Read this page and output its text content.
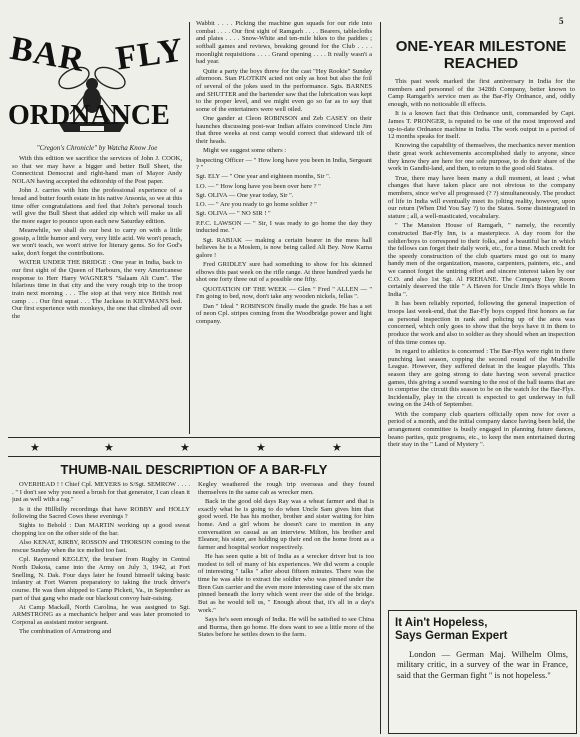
5
BAR FLY
ORDNANCE
"Cregon's Chronicle" by Watcha Know Joe

With this edition we sacrifice the services of John J. COOK, so that we may have a bigger and better Bull Sheet, the Connecticut Democrat and right-hand man of Mayor Andy NOLAN having accepted the editorship of the Post paper.

John J. carries with him the professional experience of a bread and butter fourth estate in his native Ansonia, so we at this time offer congratulations and feel that John's personal touch will give the Bull Sheet that added zip which will make us all the more eager to pounce upon each new Saturday edition.

Meanwhile, we shall do our best to carry on with a little gossip, a little humor and very, very little acid. We won't preach, we won't teach, we won't strive for literary gems. So for God's sake, don't forget the contributions.

WATER UNDER THE BRIDGE : One year in India, back to our first sight of the Queen of Harbours, the very Americanese response to Herr Harry WAGNER'S "Salaam Ali Cum". The hilarious time in that city and the very rough trip to the troop train next morning . . . The stop at that very nice British rest camp . . . Our first squat . . . The Jackass in KIEVMAN'S bed. Our first experience with monkeys, the one that climbed all over the

Wabbit . . . . Picking the machine gun squads for our ride into combat . . . . Our first sight of Ramgarh . . . . Bearers, tablecloths and plates . . . . Snow-White and ten-mile hikes to the paddies ; softball games and reviews, breaking ground for the Club . . . . moonlight requisitions . . . . Grand opening . . . . It really wasn't a bad year.

Quite a party the boys threw for the cast "Hey Rookie" Sunday afternoon. Stan PLOTKIN acted not only as host but also the foil of several of the jokes used in the performance. Sgts. BARNES and SHUTTER and the bartender saw that the lubrication was kept to the proper level, and we might even go so far as to say that some of the entertainers were well oiled.

One gander at Cleon ROBINSON and Zeb CASEY on their haunches discussing post-war Indian affairs convinced Uncle Jim that three weeks at rest camp would correct that sideward tilt of their heads.

Might we suggest some others :

Inspecting Officer — " How long have you been in India, Sergeant ? "

Sgt. ELY — " One year and eighteen months, Sir ".

I.O. — " How long have you been over here ? "

Sgt. OLIVA — One year today, Sir ".

I.O. — " Are you ready to go home soldier ? "

Sgt. OLIVA — " NO SIR ! "

P.F.C. LAWSON — " Sir, I was ready to go home the day they inducted me. "

Sgt. RABIAK — making a certain bearer in the mess hall believes he is a Moslem, is now being called Ali Bey. Now Karna galore !

Fred GRIDLEY sure had something to show for his skinned elbows this past week on the rifle range. At three hundred yards he shot one forty three out of a possible one fifty.

QUOTATION OF THE WEEK — Glen " Fred " ALLEN — " I'm going to bed, now, don't take any wooden nickels, fellas ".

Dan " Ideal " ROBINSON finally made the grade. He has a set of neon Cpl. stripes coming from the Woodbridge power and light company.

ONE-YEAR MILESTONE
REACHED

This past week marked the first anniversary in India for the members and personnel of the 3428th Company, better known to Camp Ramgarh's service men as the Bar-Fly Ordnance, and, oddly enough, with no noticeable ill effects.

It is a known fact that this Ordnance unit, commanded by Capt. James T. PRONGER, is reputed to be one of the most improved and up-to-date Ordnance machine in India. The work output in a period of 12 months speaks for itself.

Knowing the capability of themselves, the mechanics never mention their great work achievements accomplished daily to anyone, since they know they are here for one sole purpose, to do their share of the work in Gandhi-land, and then, to return to the good old States.

True, there may have been many a dull moment, at least ; what changes that have taken place are not obvious to the company members, since we've all progressed (? ?) simultaneously. The product of life in India will eventually meet its jolting reality, however, upon our return (When Did You Say ?) to the States. Some disintegrated in stature ; all, a well-masticated, vocabulary.

" The Mansion House of Ramgarh, " namely, the recently constructed Bar-Fly Inn, is a masterpiece. A day room for the soldier/boys to correspond to their folks, and a beautiful bar in which the fellows can forget their daily work, etc., for a time. Much credit for the speedy construction of the club quarters must go out to many handy men of the organization, masons, carpenters, painters, etc., and we cannot forget the untiring effort and sincere interest taken by our C.O. and also 1st Sgt. Al FREHANE. The Company Day Room certainly deserved the title " A Haven for Uncle Jim's Boys while In India ".

It has been reliably reported, following the general inspection of troops last week-end, that the Bar-Fly boys copped first honors as far as personal inspection in rank and policing up of the area was concerned, which only goes to show that the boys have it in them to produce the work and also to soldier as they should when an inspection of this time comes up.

In regard to athletics is concerned : The Bar-Flys were right in there punching last season, copping the second round of the Mudville League. However, they suffered defeat in the league playoffs. This season they are going strong to date having won several practice games, this giving a sound warning to the rest of the ball teams that are to comprise the circuit this season to be on the watch for the Bar-Flys. Incidentally, play in the circuit is expected to get underway in full swing on the 24th of September.

With the company club quarters officially open now for over a period of a month, and the initial company dance having been held, the arrangement committee is busily engaged in planning future dances, beano parties, quiz programs, etc., to keep the men entertained during their stay in the " Land of Mystery ".

★	★	★	★	★
THUMB-NAIL DESCRIPTION OF A BAR-FLY

OVERHEAD ! ! Chief Cpl. MEYERS to S/Sgt. SEMROW . . . . . " I don't see why you need a brush for that generator, I can clean it just as well with a rag."

Is it the Hillbilly recordings that have ROBBY and HOLLY following the Sacred Cows these evenings ?

Sights to Behold : Dan MARTIN working up a good sweat chopping ice on the other side of the bar.

Also KENAT, KIRBY, ROSSON and THORSON coming to the rescue Sunday when the ice melted too fast.

Cpl. Raymond KEGLEY, the bruiser from Rugby in Central North Dakota, came into the Army on July 3, 1942, at Fort Snelling, N. Dak. Four days later he found himself taking basic infantry at Fort Warren preparatory to taking the truck driver's course. He was then shipped to Camp Pickett, Va., in September as part of that gang who made our blackout convoy hair-raising.

At Camp Mackall, North Carolina, he was assigned to Sgt. ARMSTRONG as a mechanic's helper and was later promoted to Corporal as assistant motor sergeant.

The combination of Armstrong and

Kegley weathered the rough trip overseas and they found themselves in the same cab as wrecker men.

Back in the good old days Ray was a wheat farmer and that is exactly what he is going to do when Uncle Sam gives him that good word. He has his mother, brother and sister waiting for him home. And a girl whom he doesn't care to mention in any conversation so casual as an interview. Milton, his brother and Eleanor, his sister, are holding up their end on the home front as a farmer and hospital worker respectively.

He has seen quite a bit of India as a wrecker driver but is too modest to tell of many of his experiences. We did worm a couple of interesting " talks " after about fifteen minutes. There was the time he was able to extract the soldier who was pinned under the Bren Gun carrier and the even more interesting case of the six men pinned beneath the lorry which went over the side of the bridge. But as he would tell us, " Enough about that, it's all in a day's work."

Says he's seen enough of India. He will be satisfied to see China and Burma, then go home. He does want to see a little more of the States before he settles down to the farm.

It Ain't Hopeless,
Says German Expert

London — German Maj. Wilhelm Olms, military critic, in a survey of the war in France, said that the German fight " is not hopeless."
